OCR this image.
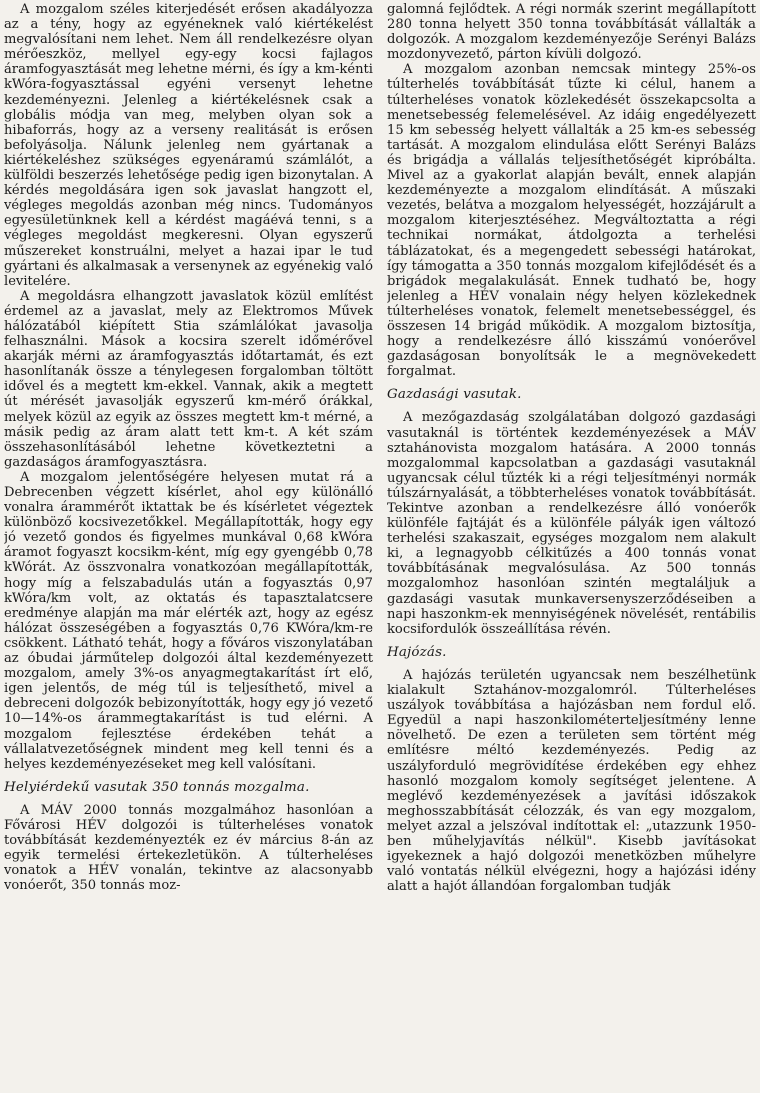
A mozgalom széles kiterjedését erősen akadályozza az a tény, hogy az egyéneknek való kiértékelést megvalósítani nem lehet. Nem áll rendelkezésre olyan mérőeszköz, mellyel egy-egy kocsi fajlagos áramfogyasztását meg lehetne mérni, és így a km-kénti kWóra-fogyasztással egyéni versenyt lehetne kezdeményezni. Jelenleg a kiértékelésnek csak a globális módja van meg, melyben olyan sok a hibaforrás, hogy az a verseny realitását is erősen befolyásolja. Nálunk jelenleg nem gyártanak a kiértékeléshez szükséges egyenáramú számlálót, a külföldi beszerzés lehetősége pedig igen bizonytalan. A kérdés megoldására igen sok javaslat hangzott el, végleges megoldás azonban még nincs. Tudományos egyesületünknek kell a kérdést magáévá tenni, s a végleges megoldást megkeresni. Olyan egyszerű műszereket konstruálni, melyet a hazai ipar le tud gyártani és alkalmasak a versenynek az egyénekig való levitelére.

A megoldásra elhangzott javaslatok közül említést érdemel az a javaslat, mely az Elektromos Művek hálózatából kiépített Stia számlálókat javasolja felhasználni. Mások a kocsira szerelt időmérővel akarják mérni az áramfogyasztás időtartamát, és ezt hasonlítanák össze a ténylegesen forgalomban töltött idővel és a megtett km-ekkel. Vannak, akik a megtett út mérését javasolják egyszerű km-mérő órákkal, melyek közül az egyik az összes megtett km-t mérné, a másik pedig az áram alatt tett km-t. A két szám összehasonlításából lehetne következtetni a gazdaságos áramfogyasztásra.

A mozgalom jelentőségére helyesen mutat rá a Debrecenben végzett kísérlet, ahol egy különálló vonalra árammérőt iktattak be és kísérletet végeztek különböző kocsivezetőkkel. Megállapították, hogy egy jó vezető gondos és figyelmes munkával 0,68 kWóra áramot fogyaszt kocsikm-ként, míg egy gyengébb 0,78 kWórát. Az összvonalra vonatkozóan megállapították, hogy míg a felszabadulás után a fogyasztás 0,97 kWóra/km volt, az oktatás és tapasztalatcsere eredménye alapján ma már elérték azt, hogy az egész hálózat összeségében a fogyasztás 0,76 KWóra/km-re csökkent. Látható tehát, hogy a főváros viszonylatában az óbudai járműtelep dolgozói által kezdeményezett mozgalom, amely 3%-os anyagmegtakarítást írt elő, igen jelentős, de még túl is teljesíthető, mivel a debreceni dolgozók bebizonyították, hogy egy jó vezető 10—14%-os árammegtakarítást is tud elérni. A mozgalom fejlesztése érdekében tehát a vállalatvezetőségnek mindent meg kell tenni és a helyes kezdeményezéseket meg kell valósítani.

Helyiérdekű vasutak 350 tonnás mozgalma.

A MÁV 2000 tonnás mozgalmához hasonlóan a Fővárosi HÉV dolgozói is túlterheléses vonatok továbbítását kezdeményezték ez év március 8-án az egyik termelési értekezletükön. A túlterheléses vonatok a HÉV vonalán, tekintve az alacsonyabb vonóerőt, 350 tonnás moz-

galomná fejlődtek. A régi normák szerint megállapított 280 tonna helyett 350 tonna továbbítását vállalták a dolgozók. A mozgalom kezdeményezője Serényi Balázs mozdonyvezető, párton kívüli dolgozó.

A mozgalom azonban nemcsak mintegy 25%-os túlterhelés továbbítását tűzte ki célul, hanem a túlterheléses vonatok közlekedését összekapcsolta a menetsebesség felemelésével. Az idáig engedélyezett 15 km sebesség helyett vállalták a 25 km-es sebesség tartását. A mozgalom elindulása előtt Serényi Balázs és brigádja a vállalás teljesíthetőségét kipróbálta. Mivel az a gyakorlat alapján bevált, ennek alapján kezdeményezte a mozgalom elindítását. A műszaki vezetés, belátva a mozgalom helyességét, hozzájárult a mozgalom kiterjesztéséhez. Megváltoztatta a régi technikai normákat, átdolgozta a terhelési táblázatokat, és a megengedett sebességi határokat, így támogatta a 350 tonnás mozgalom kifejlődését és a brigádok megalakulását. Ennek tudható be, hogy jelenleg a HÉV vonalain négy helyen közlekednek túlterheléses vonatok, felemelt menetsebességgel, és összesen 14 brigád működik. A mozgalom biztosítja, hogy a rendelkezésre álló kisszámú vonóerővel gazdaságosan bonyolítsák le a megnövekedett forgalmat.

Gazdasági vasutak.

A mezőgazdaság szolgálatában dolgozó gazdasági vasutaknál is történtek kezdeményezések a MÁV sztahánovista mozgalom hatására. A 2000 tonnás mozgalommal kapcsolatban a gazdasági vasutaknál ugyancsak célul tűzték ki a régi teljesítményi normák túlszárnyalását, a többterheléses vonatok továbbítását. Tekintve azonban a rendelkezésre álló vonóerők különféle fajtáját és a különféle pályák igen változó terhelési szakaszait, egységes mozgalom nem alakult ki, a legnagyobb célkitűzés a 400 tonnás vonat továbbításának megvalósulása. Az 500 tonnás mozgalomhoz hasonlóan szintén megtaláljuk a gazdasági vasutak munkaversenyszerződéseiben a napi haszonkm-ek mennyiségének növelését, rentábilis kocsifordulók összeállítása révén.

Hajózás.

A hajózás területén ugyancsak nem beszélhetünk kialakult Sztahánov-mozgalomról. Túlterheléses uszályok továbbítása a hajózásban nem fordul elő. Egyedül a napi haszonkilométerteljesítmény lenne növelhető. De ezen a területen sem történt még említésre méltó kezdeményezés. Pedig az uszályforduló megrövidítése érdekében egy ehhez hasonló mozgalom komoly segítséget jelentene. A meglévő kezdeményezések a javítási időszakok meghosszabbítását célozzák, és van egy mozgalom, melyet azzal a jelszóval indítottak el: „utazzunk 1950-ben műhelyjavítás nélkül". Kisebb javításokat igyekeznek a hajó dolgozói menetközben műhelyre való vontatás nélkül elvégezni, hogy a hajózási idény alatt a hajót állandóan forgalomban tudják
